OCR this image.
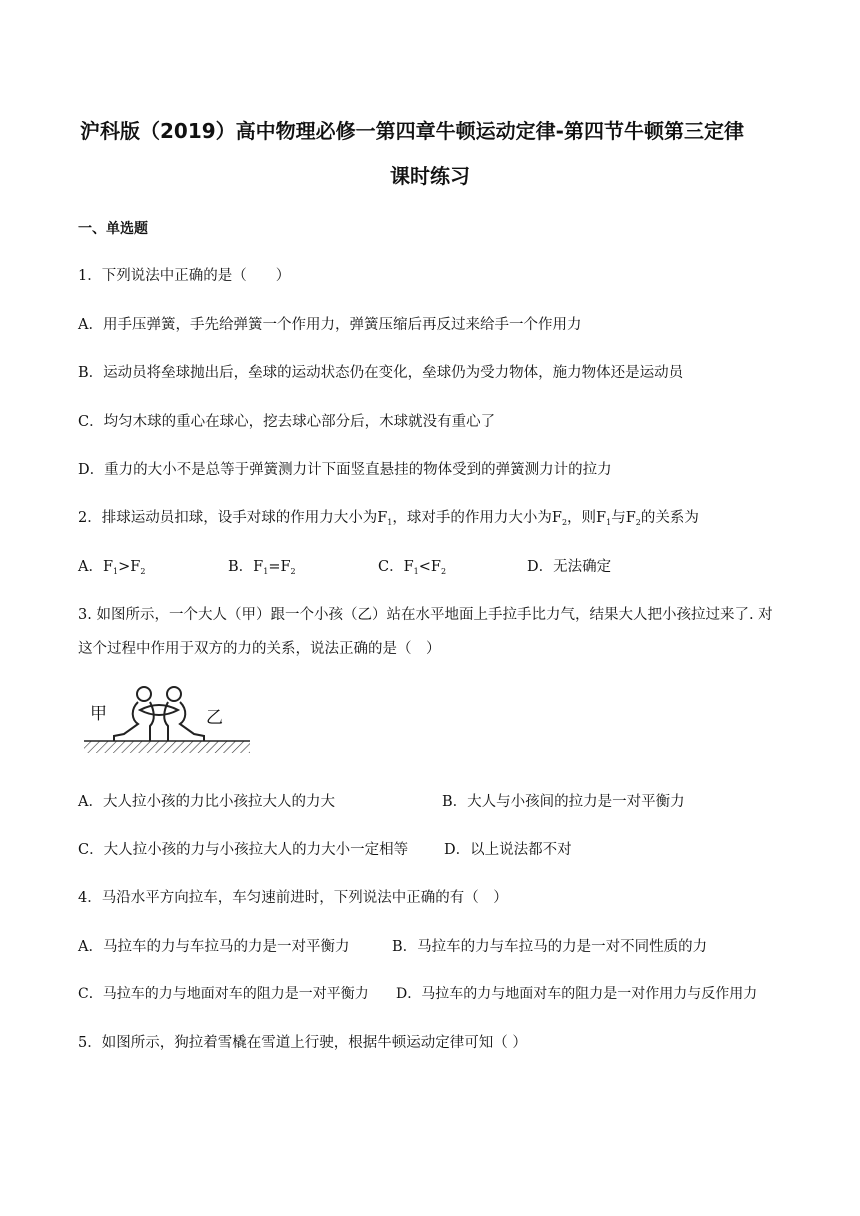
沪科版（2019）高中物理必修一第四章牛顿运动定律-第四节牛顿第三定律
课时练习
一、单选题
1．下列说法中正确的是（　　）
A．用手压弹簧，手先给弹簧一个作用力，弹簧压缩后再反过来给手一个作用力
B．运动员将垒球抛出后，垒球的运动状态仍在变化，垒球仍为受力物体，施力物体还是运动员
C．均匀木球的重心在球心，挖去球心部分后，木球就没有重心了
D．重力的大小不是总等于弹簧测力计下面竖直悬挂的物体受到的弹簧测力计的拉力
2．排球运动员扣球，设手对球的作用力大小为$F_1$，球对手的作用力大小为$F_2$，则$F_1$与$F_2$的关系为
A．$F_1>F_2$	B．$F_1=F_2$	C．$F_1<F_2$	D．无法确定
3. 如图所示，一个大人（甲）跟一个小孩（乙）站在水平地面上手拉手比力气，结果大人把小孩拉过来了. 对
这个过程中作用于双方的力的关系，说法正确的是（　）
甲	乙
A．大人拉小孩的力比小孩拉大人的力大	B．大人与小孩间的拉力是一对平衡力
C．大人拉小孩的力与小孩拉大人的力大小一定相等 D．以上说法都不对
4．马沿水平方向拉车，车匀速前进时，下列说法中正确的有（　）
A．马拉车的力与车拉马的力是一对平衡力	B．马拉车的力与车拉马的力是一对不同性质的力
C．马拉车的力与地面对车的阻力是一对平衡力 D．马拉车的力与地面对车的阻力是一对作用力与反作用力
5．如图所示，狗拉着雪橇在雪道上行驶，根据牛顿运动定律可知（ ）
